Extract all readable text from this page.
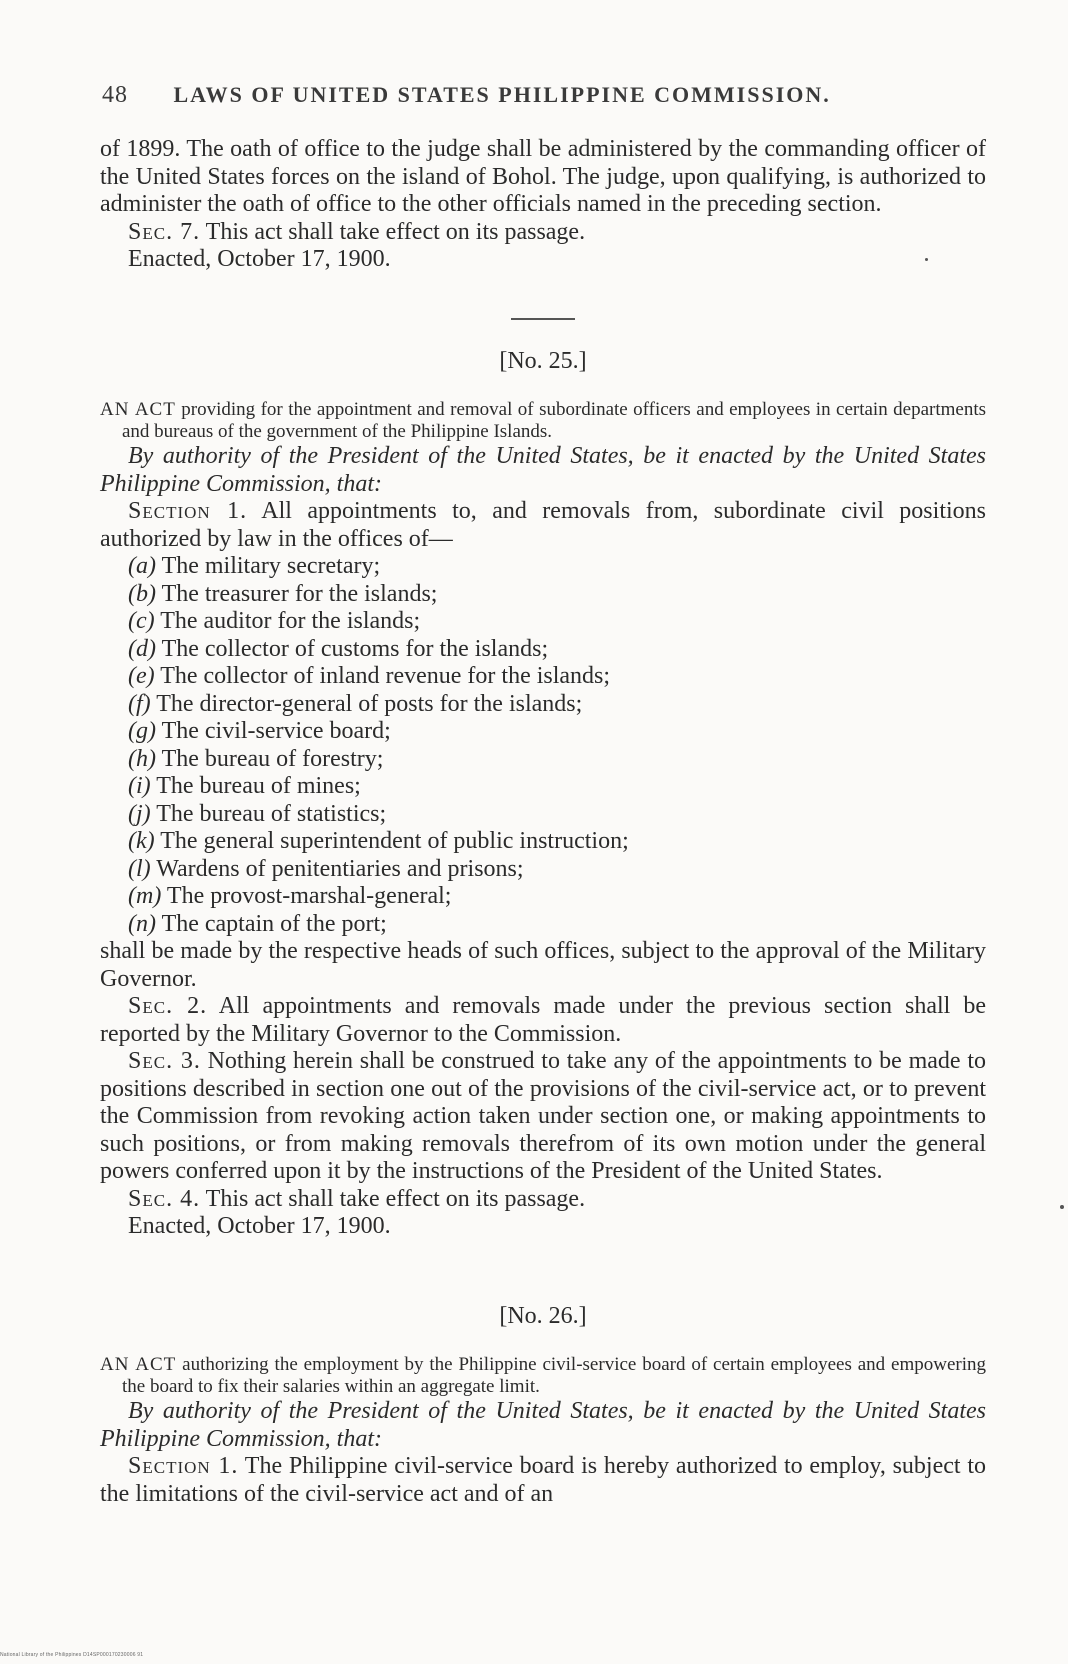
48 LAWS OF UNITED STATES PHILIPPINE COMMISSION.

of 1899. The oath of office to the judge shall be administered by the commanding officer of the United States forces on the island of Bohol. The judge, upon qualifying, is authorized to administer the oath of office to the other officials named in the preceding section.

Sec. 7. This act shall take effect on its passage.

Enacted, October 17, 1900.

[No. 25.]

AN ACT providing for the appointment and removal of subordinate officers and employees in certain departments and bureaus of the government of the Philippine Islands.

By authority of the President of the United States, be it enacted by the United States Philippine Commission, that:

Section 1. All appointments to, and removals from, subordinate civil positions authorized by law in the offices of—

(a) The military secretary;
(b) The treasurer for the islands;
(c) The auditor for the islands;
(d) The collector of customs for the islands;
(e) The collector of inland revenue for the islands;
(f) The director-general of posts for the islands;
(g) The civil-service board;
(h) The bureau of forestry;
(i) The bureau of mines;
(j) The bureau of statistics;
(k) The general superintendent of public instruction;
(l) Wardens of penitentiaries and prisons;
(m) The provost-marshal-general;
(n) The captain of the port;

shall be made by the respective heads of such offices, subject to the approval of the Military Governor.

Sec. 2. All appointments and removals made under the previous section shall be reported by the Military Governor to the Commission.

Sec. 3. Nothing herein shall be construed to take any of the appointments to be made to positions described in section one out of the provisions of the civil-service act, or to prevent the Commission from revoking action taken under section one, or making appointments to such positions, or from making removals therefrom of its own motion under the general powers conferred upon it by the instructions of the President of the United States.

Sec. 4. This act shall take effect on its passage.

Enacted, October 17, 1900.

[No. 26.]

AN ACT authorizing the employment by the Philippine civil-service board of certain employees and empowering the board to fix their salaries within an aggregate limit.

By authority of the President of the United States, be it enacted by the United States Philippine Commission, that:

Section 1. The Philippine civil-service board is hereby authorized to employ, subject to the limitations of the civil-service act and of an

National Library of the Philippines D14SP000170230006 91
